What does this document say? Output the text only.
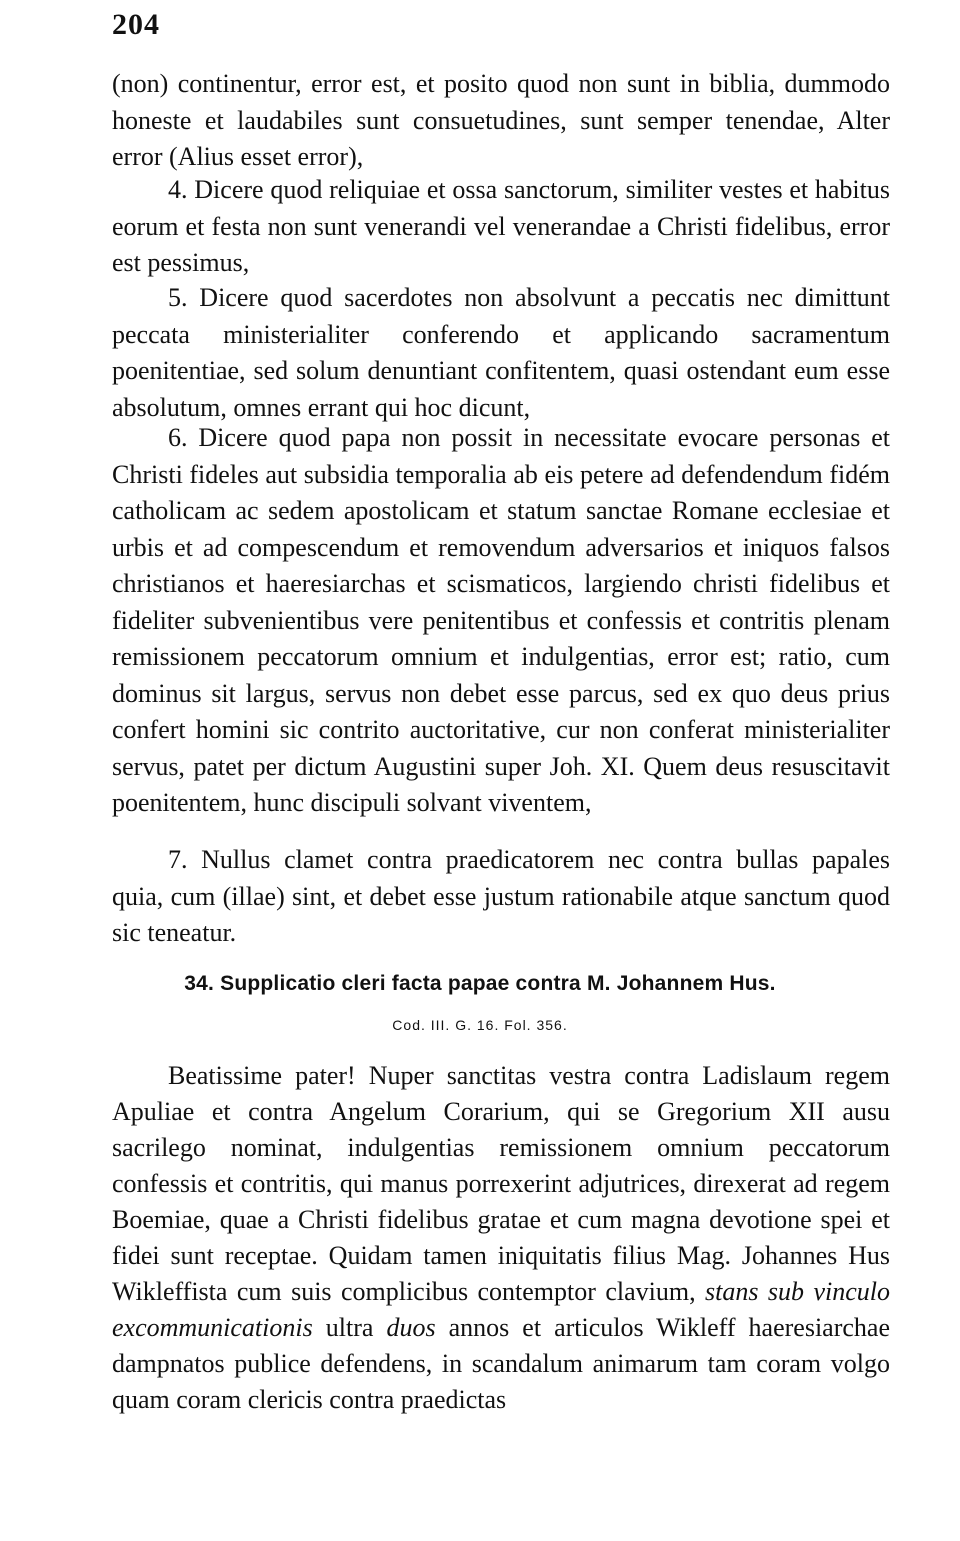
204

(non) continentur, error est, et posito quod non sunt in biblia, dummodo honeste et laudabiles sunt consuetudines, sunt semper tenendae, Alter error (Alius esset error),

4. Dicere quod reliquiae et ossa sanctorum, similiter vestes et habitus eorum et festa non sunt venerandi vel venerandae a Christi fidelibus, error est pessimus,

5. Dicere quod sacerdotes non absolvunt a peccatis nec dimittunt peccata ministerialiter conferendo et applicando sacramentum poenitentiae, sed solum denuntiant confitentem, quasi ostendant eum esse absolutum, omnes errant qui hoc dicunt,

6. Dicere quod papa non possit in necessitate evocare personas et Christi fideles aut subsidia temporalia ab eis petere ad defendendum fidém catholicam ac sedem apostolicam et statum sanctae Romane ecclesiae et urbis et ad compescendum et removendum adversarios et iniquos falsos christianos et haeresiarchas et scismaticos, largiendo christi fidelibus et fideliter subvenientibus vere penitentibus et confessis et contritis plenam remissionem peccatorum omnium et indulgentias, error est; ratio, cum dominus sit largus, servus non debet esse parcus, sed ex quo deus prius confert homini sic contrito auctoritative, cur non conferat ministerialiter servus, patet per dictum Augustini super Joh. XI. Quem deus resuscitavit poenitentem, hunc discipuli solvant viventem,

7. Nullus clamet contra praedicatorem nec contra bullas papales quia, cum (illae) sint, et debet esse justum rationabile atque sanctum quod sic teneatur.

34. Supplicatio cleri facta papae contra M. Johannem Hus.
Cod. III. G. 16. Fol. 356.

Beatissime pater! Nuper sanctitas vestra contra Ladislaum regem Apuliae et contra Angelum Corarium, qui se Gregorium XII ausu sacrilego nominat, indulgentias remissionem omnium peccatorum confessis et contritis, qui manus porrexerint adjutrices, direxerat ad regem Boemiae, quae a Christi fidelibus gratae et cum magna devotione spei et fidei sunt receptae. Quidam tamen iniquitatis filius Mag. Johannes Hus Wikleffista cum suis complicibus contemptor clavium, stans sub vinculo excommunicationis ultra duos annos et articulos Wikleff haeresiarchae dampnatos publice defendens, in scandalum animarum tam coram volgo quam coram clericis contra praedictas
